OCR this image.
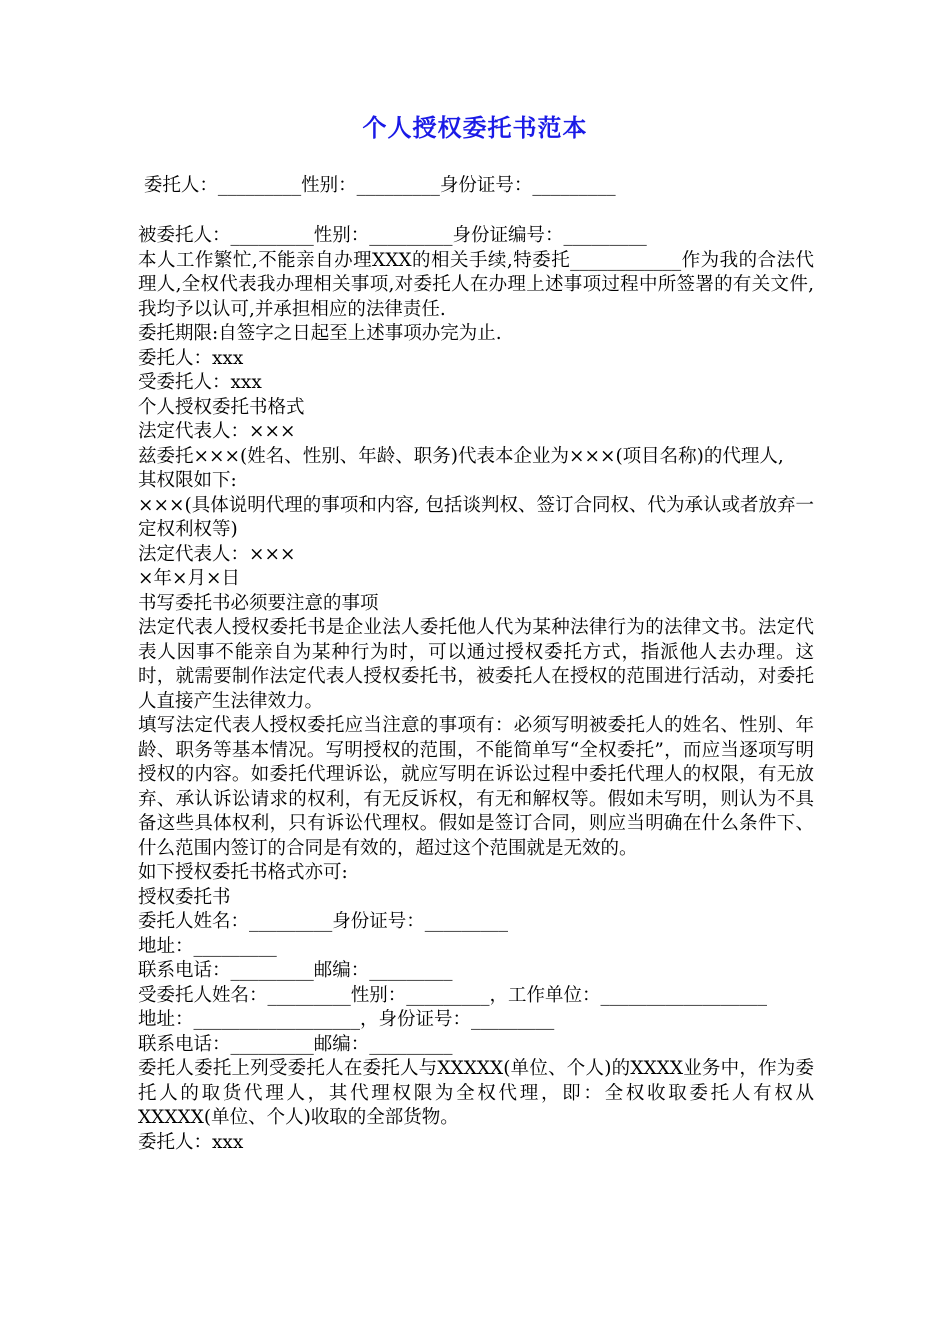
个人授权委托书范本
委托人：_________性别：_________身份证号：_________
被委托人：_________性别：_________身份证编号：_________
本人工作繁忙,不能亲自办理XXX的相关手续,特委托____________作为我的合法代理人,全权代表我办理相关事项,对委托人在办理上述事项过程中所签署的有关文件,我均予以认可,并承担相应的法律责任.
委托期限:自签字之日起至上述事项办完为止.
委托人：xxx
受委托人：xxx
个人授权委托书格式
法定代表人：×××
兹委托×××(姓名、性别、年龄、职务)代表本企业为×××(项目名称)的代理人,
其权限如下:
×××(具体说明代理的事项和内容, 包括谈判权、签订合同权、代为承认或者放弃一定权利权等)
法定代表人：×××
×年×月×日
书写委托书必须要注意的事项
法定代表人授权委托书是企业法人委托他人代为某种法律行为的法律文书。法定代表人因事不能亲自为某种行为时，可以通过授权委托方式，指派他人去办理。这时，就需要制作法定代表人授权委托书，被委托人在授权的范围进行活动，对委托人直接产生法律效力。
填写法定代表人授权委托应当注意的事项有：必须写明被委托人的姓名、性别、年龄、职务等基本情况。写明授权的范围，不能简单写“全权委托”，而应当逐项写明授权的内容。如委托代理诉讼，就应写明在诉讼过程中委托代理人的权限，有无放弃、承认诉讼请求的权利，有无反诉权，有无和解权等。假如未写明，则认为不具备这些具体权利，只有诉讼代理权。假如是签订合同，则应当明确在什么条件下、什么范围内签订的合同是有效的，超过这个范围就是无效的。
如下授权委托书格式亦可:
授权委托书
委托人姓名：_________身份证号：_________
地址：_________
联系电话：_________邮编：_________
受委托人姓名：_________性别：_________，工作单位：__________________
地址：__________________，身份证号：_________
联系电话：_________邮编：_________
委托人委托上列受委托人在委托人与XXXXX(单位、个人)的XXXX业务中，作为委托人的取货代理人，其代理权限为全权代理，即：全权收取委托人有权从XXXXX(单位、个人)收取的全部货物。
委托人：xxx
